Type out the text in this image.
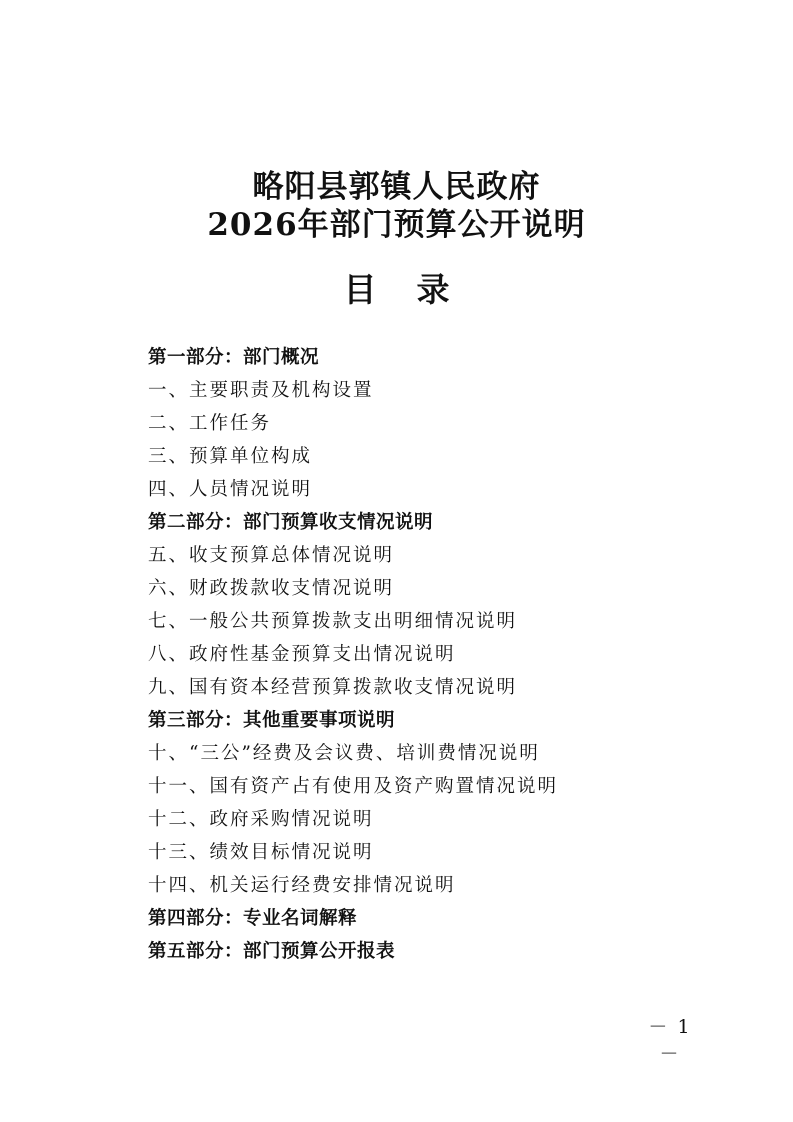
略阳县郭镇人民政府

2026年部门预算公开说明

目录

第一部分：部门概况
一、主要职责及机构设置
二、工作任务
三、预算单位构成
四、人员情况说明
第二部分：部门预算收支情况说明
五、收支预算总体情况说明
六、财政拨款收支情况说明
七、一般公共预算拨款支出明细情况说明
八、政府性基金预算支出情况说明
九、国有资本经营预算拨款收支情况说明
第三部分：其他重要事项说明
十、“三公”经费及会议费、培训费情况说明
十一、国有资产占有使用及资产购置情况说明
十二、政府采购情况说明
十三、绩效目标情况说明
十四、机关运行经费安排情况说明
第四部分：专业名词解释
第五部分：部门预算公开报表
－ 1 －
